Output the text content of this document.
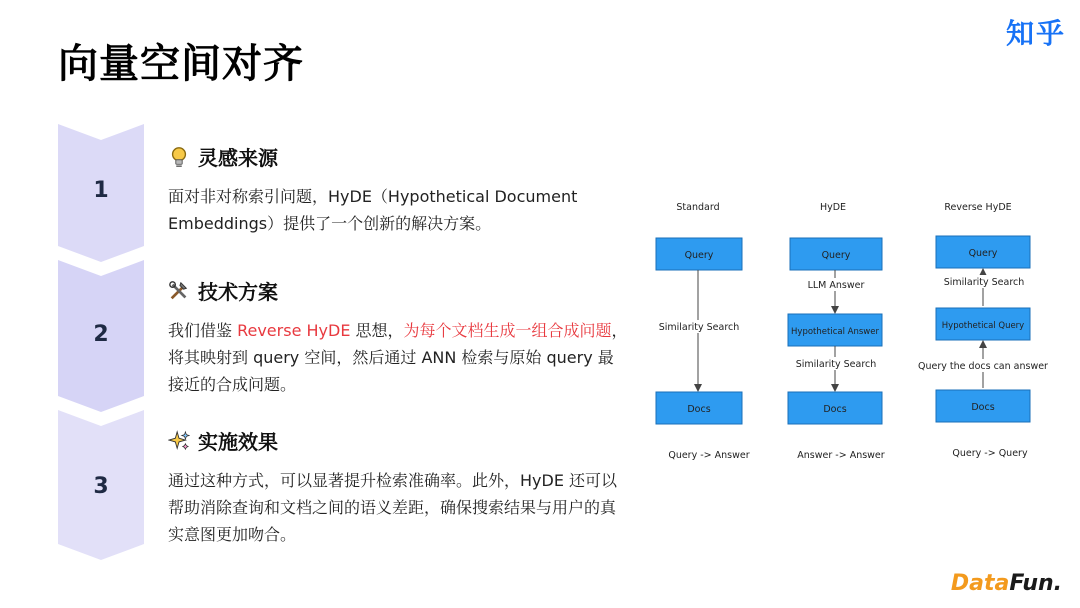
向量空间对齐
知乎
1
2
3
灵感来源
面对非对称索引问题，HyDE（Hypothetical Document Embeddings）提供了一个创新的解决方案。
技术方案
我们借鉴 Reverse HyDE 思想，为每个文档生成一组合成问题，将其映射到 query 空间，然后通过 ANN 检索与原始 query 最接近的合成问题。
实施效果
通过这种方式，可以显著提升检索准确率。此外，HyDE 还可以帮助消除查询和文档之间的语义差距，确保搜索结果与用户的真实意图更加吻合。
Standard
Query
Similarity Search
Docs
Query -> Answer
HyDE
Query
LLM Answer
Hypothetical Answer
Similarity Search
Docs
Answer -> Answer
Reverse HyDE
Query
Similarity Search
Hypothetical Query
Query the docs can answer
Docs
Query -> Query
DataFun.
